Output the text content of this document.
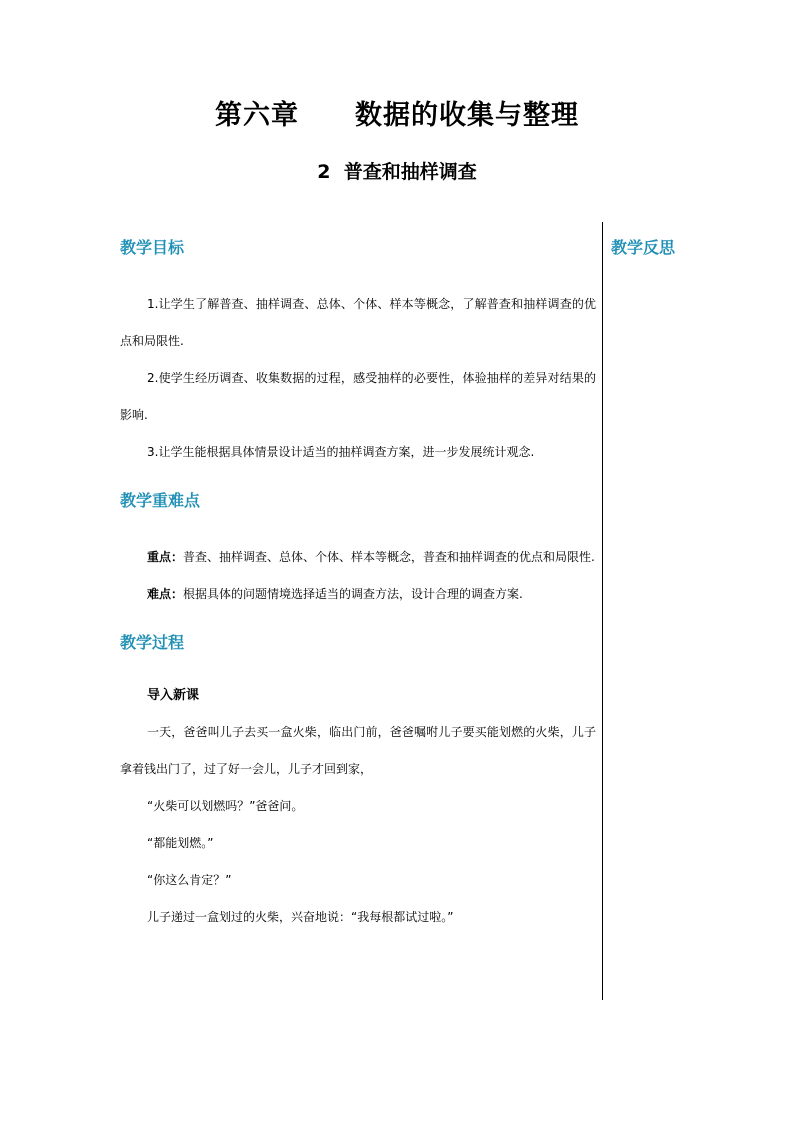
第六章　　数据的收集与整理
2  普查和抽样调查
教学反思
教学目标

1.让学生了解普查、抽样调查、总体、个体、样本等概念，了解普查和抽样调查的优点和局限性.

2.使学生经历调查、收集数据的过程，感受抽样的必要性，体验抽样的差异对结果的影响.

3.让学生能根据具体情景设计适当的抽样调查方案，进一步发展统计观念.

教学重难点

重点：普查、抽样调查、总体、个体、样本等概念，普查和抽样调查的优点和局限性.

难点：根据具体的问题情境选择适当的调查方法，设计合理的调查方案.

教学过程

导入新课

一天，爸爸叫儿子去买一盒火柴，临出门前，爸爸嘱咐儿子要买能划燃的火柴，儿子拿着钱出门了，过了好一会儿，儿子才回到家，

“火柴可以划燃吗？”爸爸问。

“都能划燃。”

“你这么肯定？”

儿子递过一盒划过的火柴，兴奋地说：“我每根都试过啦。”
